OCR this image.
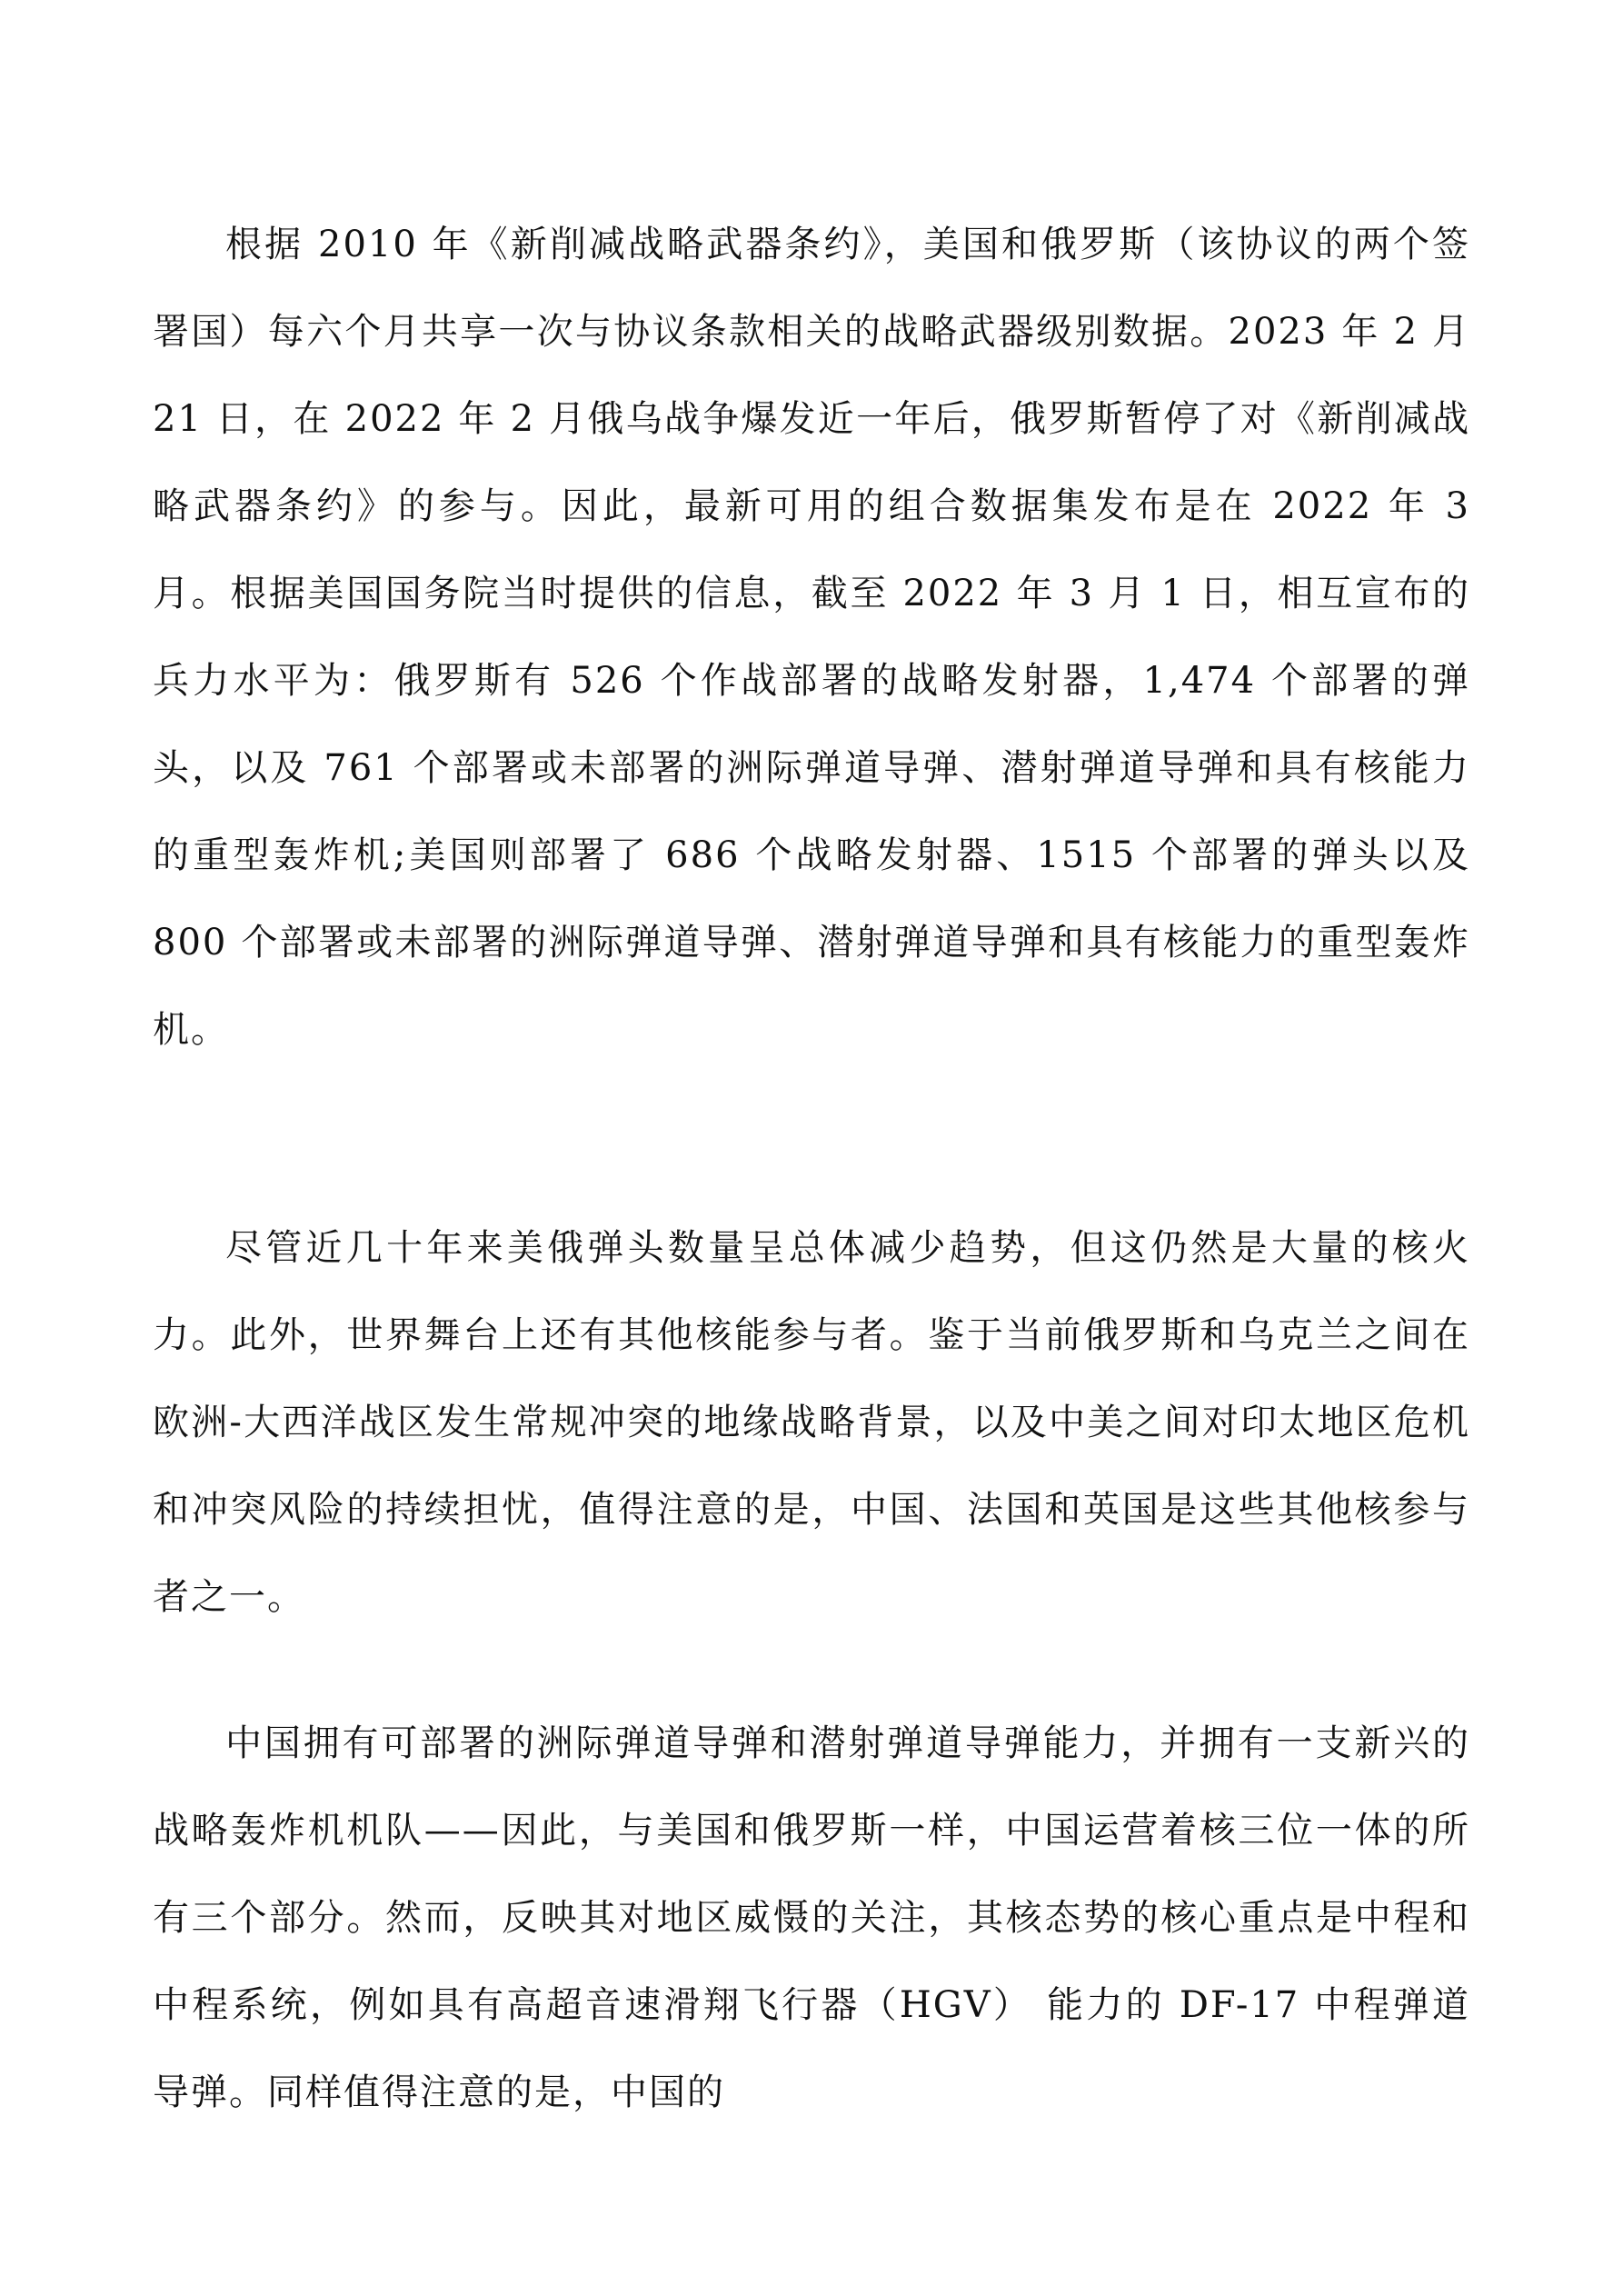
根据 2010 年《新削减战略武器条约》，美国和俄罗斯（该协议的两个签署国）每六个月共享一次与协议条款相关的战略武器级别数据。2023 年 2 月 21 日，在 2022 年 2 月俄乌战争爆发近一年后，俄罗斯暂停了对《新削减战略武器条约》的参与。因此，最新可用的组合数据集发布是在 2022 年 3 月。根据美国国务院当时提供的信息，截至 2022 年 3 月 1 日，相互宣布的兵力水平为：俄罗斯有 526 个作战部署的战略发射器，1,474 个部署的弹头，以及 761 个部署或未部署的洲际弹道导弹、潜射弹道导弹和具有核能力的重型轰炸机;美国则部署了 686 个战略发射器、1515 个部署的弹头以及 800 个部署或未部署的洲际弹道导弹、潜射弹道导弹和具有核能力的重型轰炸机。

尽管近几十年来美俄弹头数量呈总体减少趋势，但这仍然是大量的核火力。此外，世界舞台上还有其他核能参与者。鉴于当前俄罗斯和乌克兰之间在欧洲-大西洋战区发生常规冲突的地缘战略背景，以及中美之间对印太地区危机和冲突风险的持续担忧，值得注意的是，中国、法国和英国是这些其他核参与者之一。

中国拥有可部署的洲际弹道导弹和潜射弹道导弹能力，并拥有一支新兴的战略轰炸机机队——因此，与美国和俄罗斯一样，中国运营着核三位一体的所有三个部分。然而，反映其对地区威慑的关注，其核态势的核心重点是中程和中程系统，例如具有高超音速滑翔飞行器（HGV） 能力的 DF-17 中程弹道导弹。同样值得注意的是，中国的
